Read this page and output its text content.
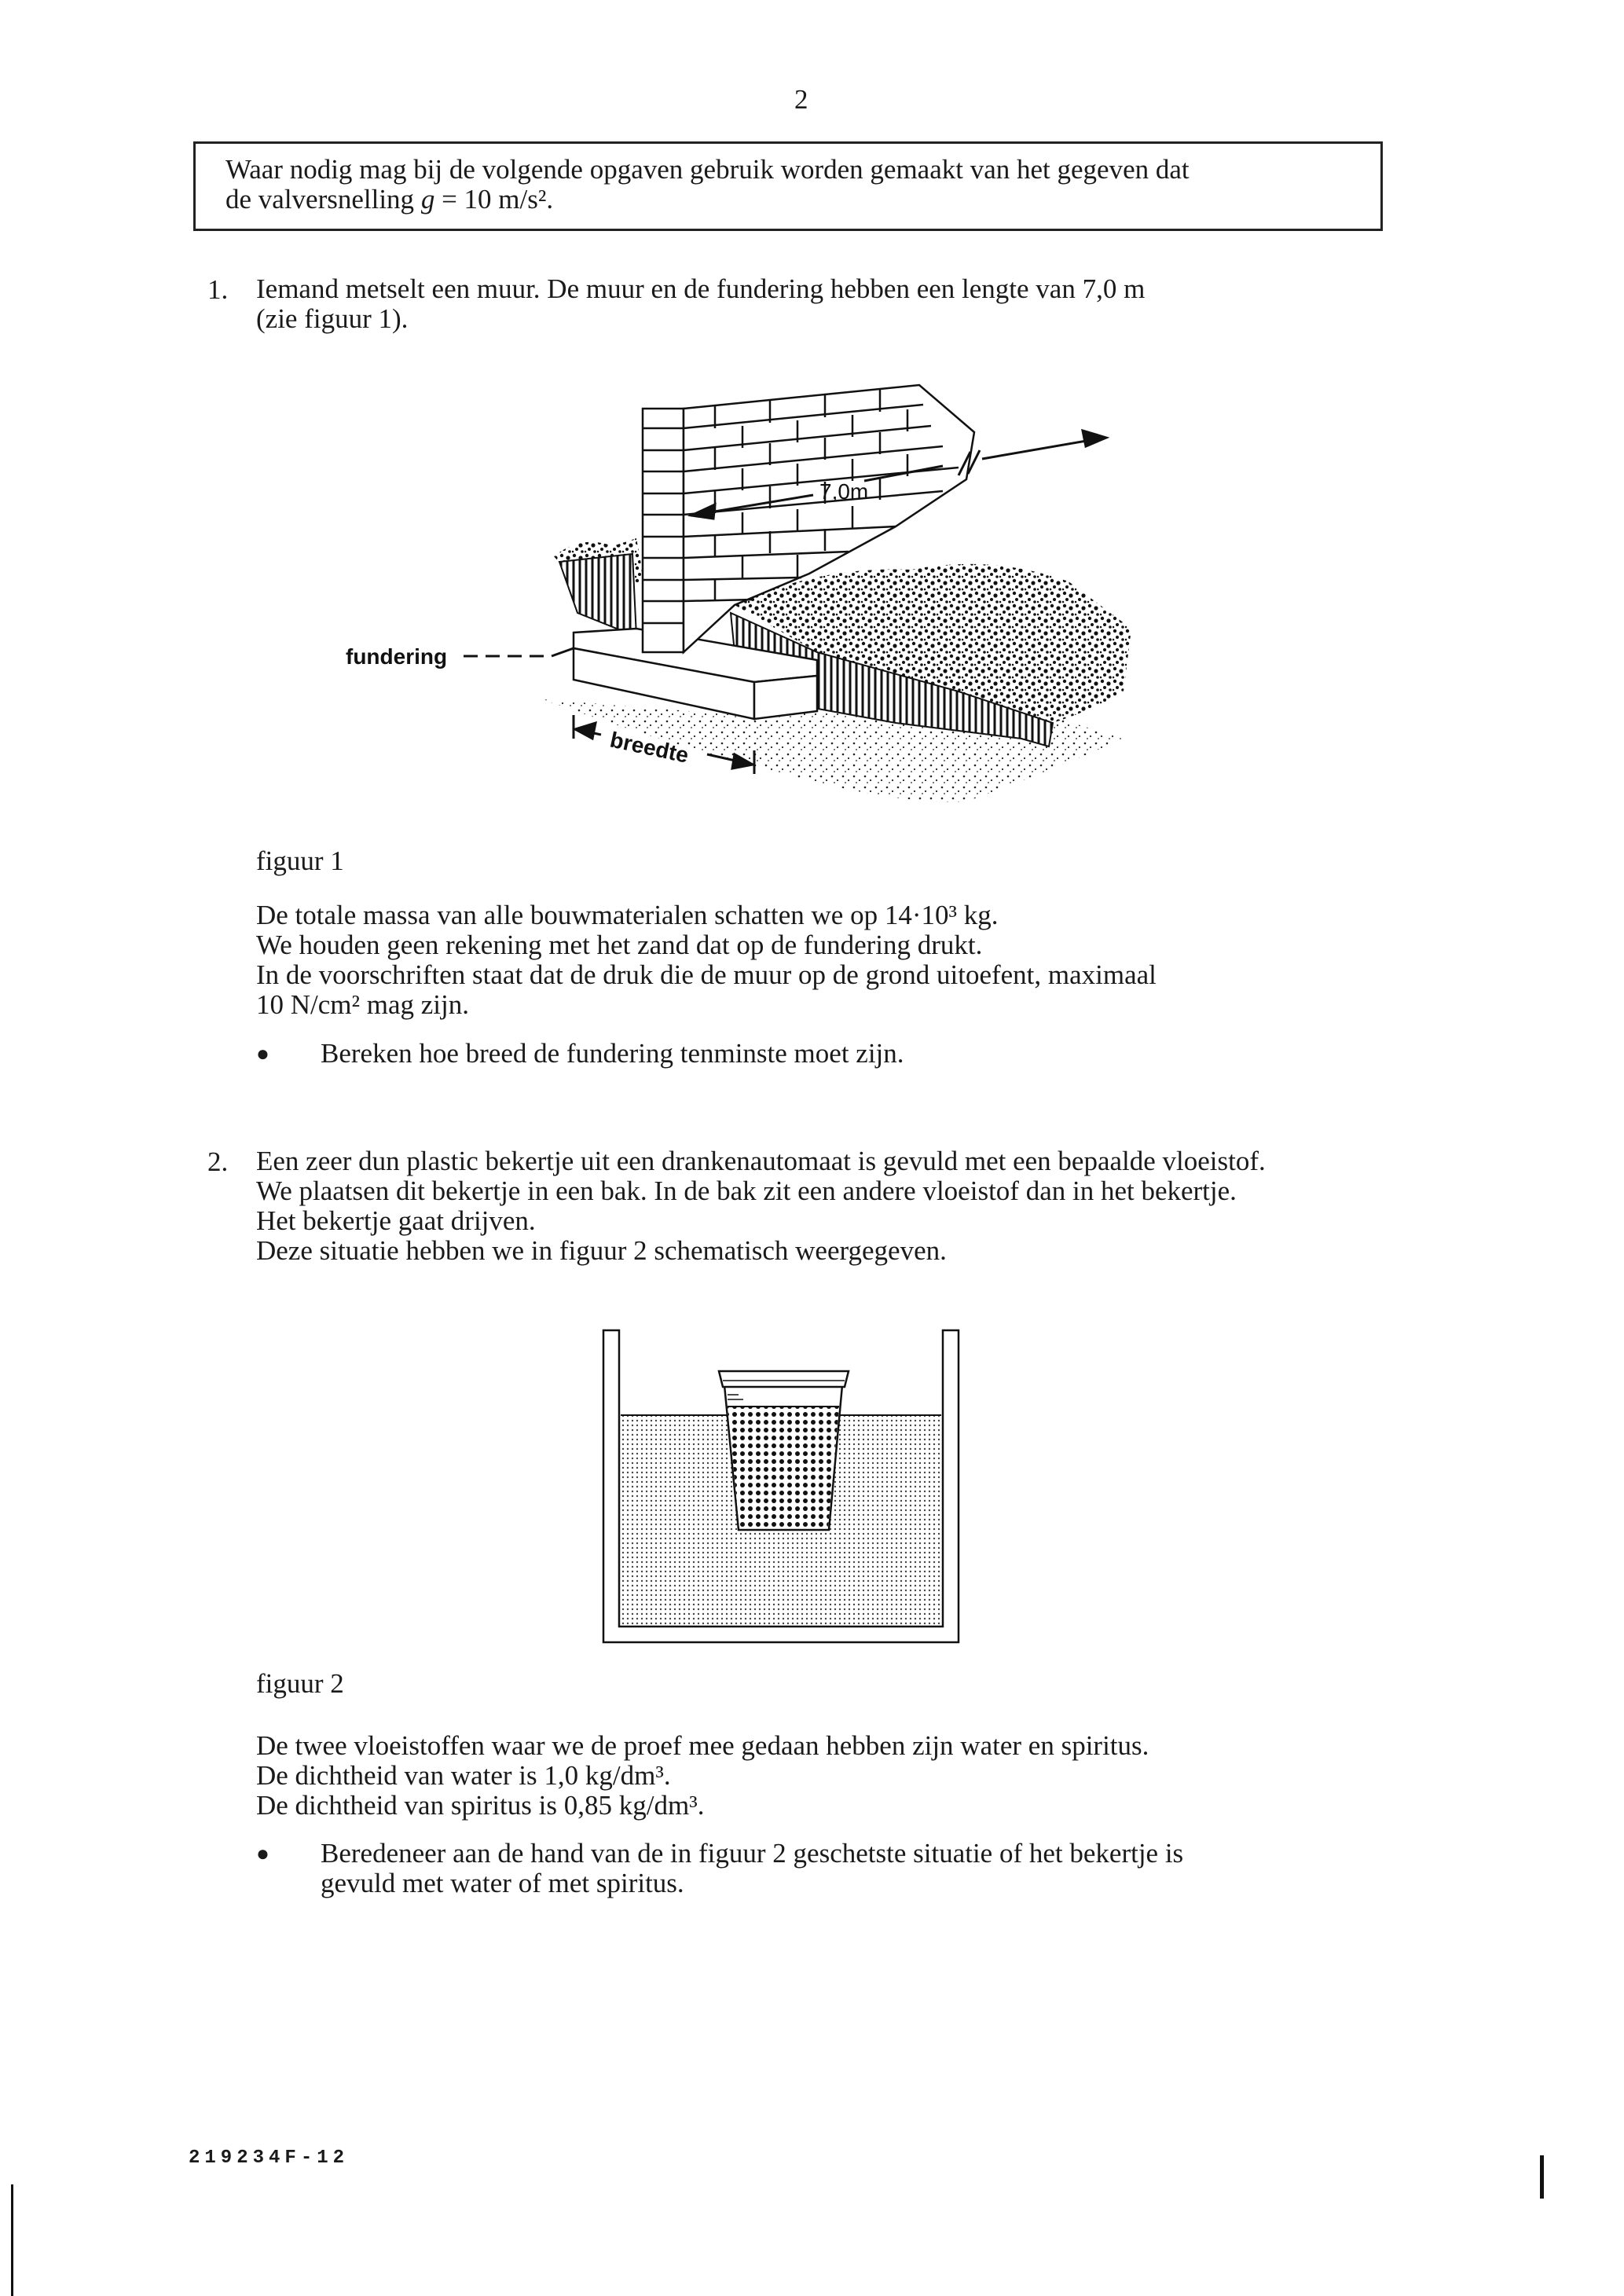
2
Waar nodig mag bij de volgende opgaven gebruik worden gemaakt van het gegeven dat
de valversnelling g = 10 m/s².
1. Iemand metselt een muur. De muur en de fundering hebben een lengte van 7,0 m
(zie figuur 1).
7,0m
fundering
breedte
figuur 1
De totale massa van alle bouwmaterialen schatten we op 14·10³ kg.
We houden geen rekening met het zand dat op de fundering drukt.
In de voorschriften staat dat de druk die de muur op de grond uitoefent, maximaal
10 N/cm² mag zijn.
● Bereken hoe breed de fundering tenminste moet zijn.
2. Een zeer dun plastic bekertje uit een drankenautomaat is gevuld met een bepaalde vloeistof.
We plaatsen dit bekertje in een bak. In de bak zit een andere vloeistof dan in het bekertje.
Het bekertje gaat drijven.
Deze situatie hebben we in figuur 2 schematisch weergegeven.
figuur 2
De twee vloeistoffen waar we de proef mee gedaan hebben zijn water en spiritus.
De dichtheid van water is 1,0 kg/dm³.
De dichtheid van spiritus is 0,85 kg/dm³.
● Beredeneer aan de hand van de in figuur 2 geschetste situatie of het bekertje is
gevuld met water of met spiritus.
219234F-12
